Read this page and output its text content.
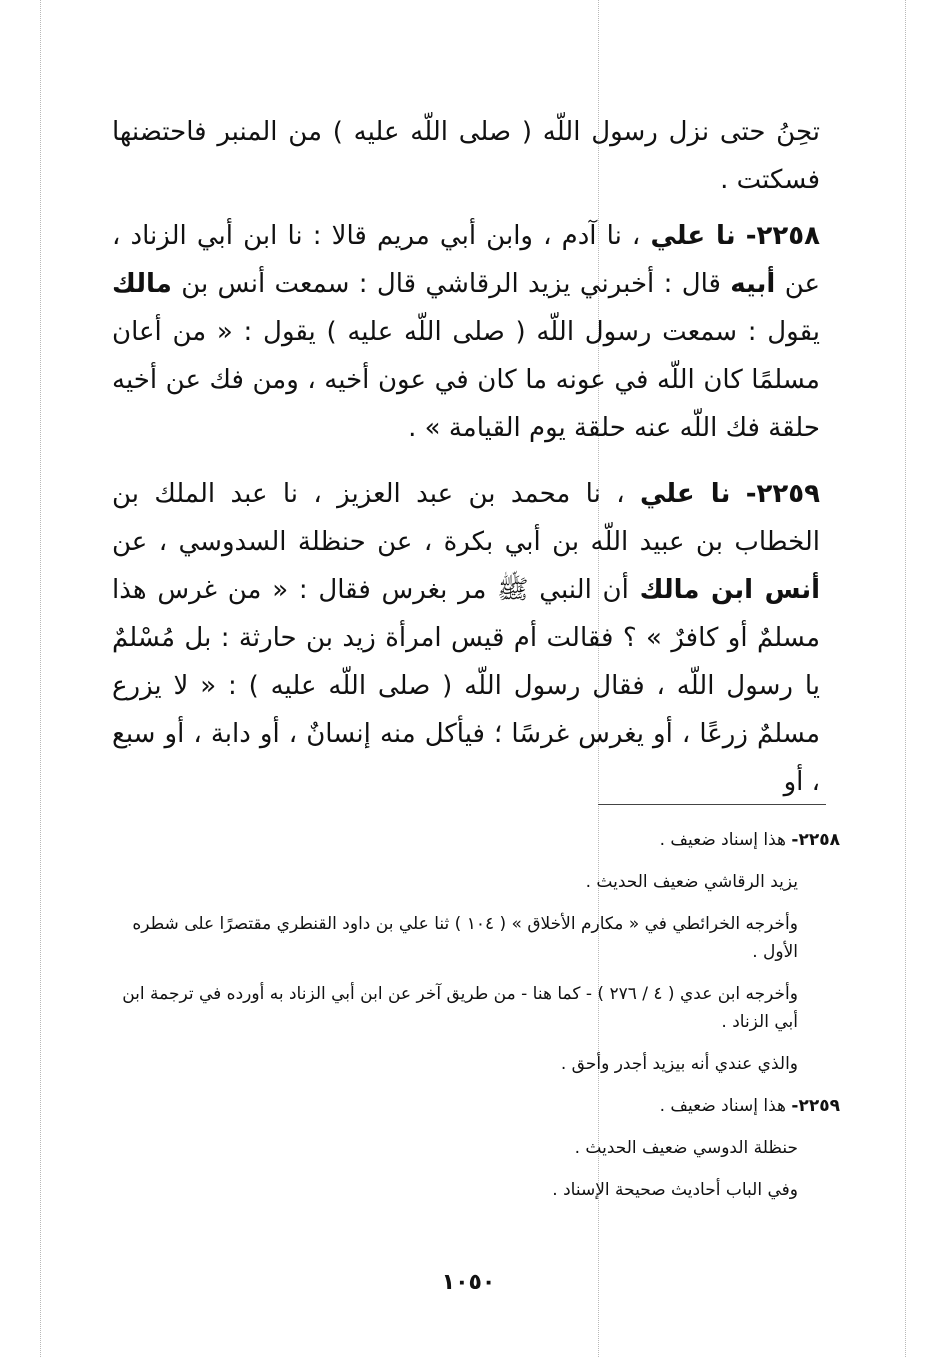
تحِنُ حتى نزل رسول اللّه ( صلى اللّه عليه ) من المنبر فاحتضنها فسكتت .

٢٢٥٨- نا علي ، نا آدم ، وابن أبي مريم قالا : نا ابن أبي الزناد ، عن أبيه قال : أخبرني يزيد الرقاشي قال : سمعت أنس بن مالك يقول : سمعت رسول اللّه ( صلى اللّه عليه ) يقول : « من أعان مسلمًا كان اللّه في عونه ما كان في عون أخيه ، ومن فك عن أخيه حلقة فك اللّه عنه حلقة يوم القيامة » .

٢٢٥٩- نا علي ، نا محمد بن عبد العزيز ، نا عبد الملك بن الخطاب بن عبيد اللّه بن أبي بكرة ، عن حنظلة السدوسي ، عن أنس ابن مالك أن النبي ﷺ مر بغرس فقال : « من غرس هذا مسلمٌ أو كافرٌ » ؟ فقالت أم قيس امرأة زيد بن حارثة : بل مُسْلمٌ يا رسول اللّه ، فقال رسول اللّه ( صلى اللّه عليه ) : « لا يزرع مسلمٌ زرعًا ، أو يغرس غرسًا ؛ فيأكل منه إنسانٌ ، أو دابة ، أو سبع ، أو

٢٢٥٨- هذا إسناد ضعيف .

يزيد الرقاشي ضعيف الحديث .

وأخرجه الخرائطي في « مكارم الأخلاق » ( ١٠٤ ) ثنا علي بن داود القنطري مقتصرًا على شطره الأول .

وأخرجه ابن عدي ( ٤ / ٢٧٦ ) - كما هنا - من طريق آخر عن ابن أبي الزناد به أورده في ترجمة ابن أبي الزناد .

والذي عندي أنه بيزيد أجدر وأحق .

٢٢٥٩- هذا إسناد ضعيف .

حنظلة الدوسي ضعيف الحديث .

وفي الباب أحاديث صحيحة الإسناد .

١٠٥٠
